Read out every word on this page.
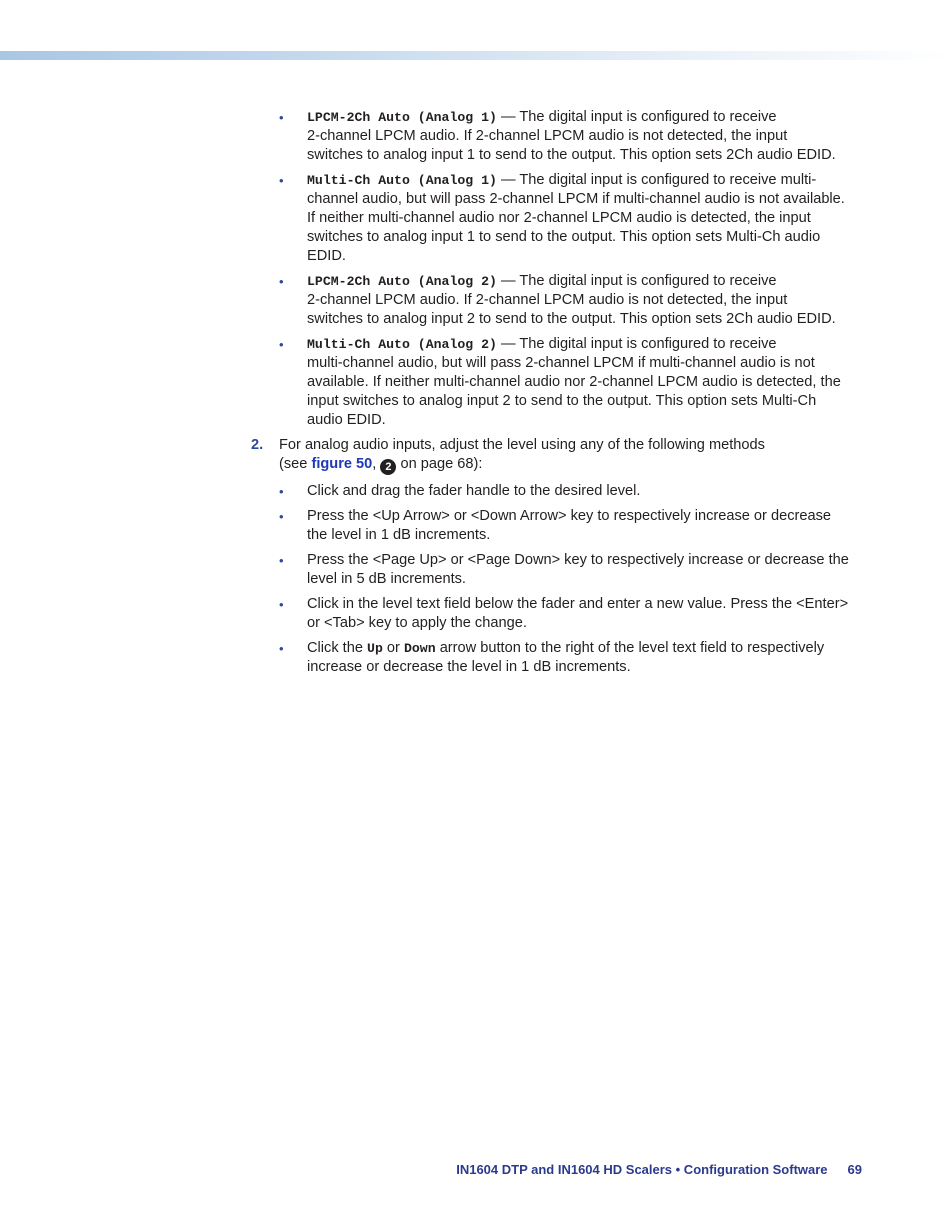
• LPCM-2Ch Auto (Analog 1) — The digital input is configured to receive
2-channel LPCM audio. If 2-channel LPCM audio is not detected, the input
switches to analog input 1 to send to the output. This option sets 2Ch audio EDID.
• Multi-Ch Auto (Analog 1) — The digital input is configured to receive multi-
channel audio, but will pass 2-channel LPCM if multi-channel audio is not available.
If neither multi-channel audio nor 2-channel LPCM audio is detected, the input
switches to analog input 1 to send to the output. This option sets Multi-Ch audio
EDID.
• LPCM-2Ch Auto (Analog 2) — The digital input is configured to receive
2-channel LPCM audio. If 2-channel LPCM audio is not detected, the input
switches to analog input 2 to send to the output. This option sets 2Ch audio EDID.
• Multi-Ch Auto (Analog 2) — The digital input is configured to receive
multi-channel audio, but will pass 2-channel LPCM if multi-channel audio is not
available. If neither multi-channel audio nor 2-channel LPCM audio is detected, the
input switches to analog input 2 to send to the output. This option sets Multi-Ch
audio EDID.
2. For analog audio inputs, adjust the level using any of the following methods
(see figure 50, 2 on page 68):
• Click and drag the fader handle to the desired level.
• Press the <Up Arrow> or <Down Arrow> key to respectively increase or decrease
the level in 1 dB increments.
• Press the <Page Up> or <Page Down> key to respectively increase or decrease the
level in 5 dB increments.
• Click in the level text field below the fader and enter a new value. Press the <Enter>
or <Tab> key to apply the change.
• Click the Up or Down arrow button to the right of the level text field to respectively
increase or decrease the level in 1 dB increments.
IN1604 DTP and IN1604 HD Scalers • Configuration Software 69
